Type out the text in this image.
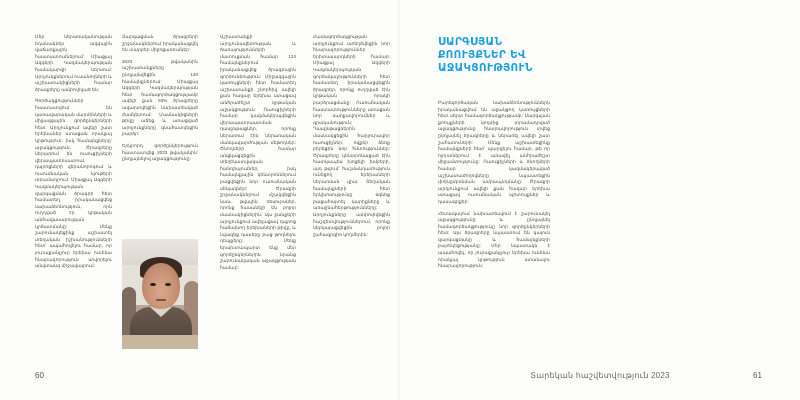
Մեր ներառականության եղանակներ ազգային վաճառքային հաստատումներում՝ Միացյալ Ազգերի Կազմակերպության համակարգի ներսում: Արդյունքներում ուսանողների և աշխատակիցների համար ծրագրերը ամփոփված են:

Գործակցություններ հաստատվում են կառավարական մարմինների և միջազգային գործընկերների հետ: Արդյունքում ավելի շատ երեխաներ ստացան որակյալ կրթություն, իսկ համայնքները՝ աջակցություն: Ծրագրերը ներառում են ուսուցիչների վերապատրաստում, դպրոցների վերանորոգում և ուսումնական նյութերի տրամադրում: Միացյալ Ազգերի Կազմակերպության զարգացման ծրագրի հետ համատեղ իրականացվեց նախաձեռնություն, որն ուղղված էր կրթական անհավասարության կրճատմանը: Մենք շարունակեցինք աշխատել տեղական իշխանությունների հետ՝ ապահովելու համար, որ յուրաքանչյուր երեխա ունենա հնարավորություն սովորելու անվտանգ միջավայրում:

Զարգացման ծրագրերի շրջանակներում իրականացվել են տարբեր միջոցառումներ:

2023 թվականին աշխատանքները ընդլայնվեցին 130 համայնքներում: Միացյալ Ազգերի Կազմակերպության հետ համագործակցությամբ ավելի քան 93% ծրագրերը ավարտվեցին նախատեսված ժամկետում: Մասնակիցների թիվը աճեց, և ստացված արդյունքները գնահատվեցին բարձր:

Երկրորդ գործընկերություն հաստատվեց 2023 թվականին՝ ընդլայնելով աջակցությունը:

Աշխատանքի արդյունավետության և ծառայությունների մատուցման համար 124 համայնքներում իրականացվեց ծրագրային գործունեություն: Միջազգային կառույցների հետ համատեղ աշխատանքի շնորհիվ ավելի քան հազար երեխա ստացավ անհրաժեշտ կրթական աջակցություն: Ուսուցիչների համար կազմակերպվեցին վերապատրաստման դասընթացներ, որոնք ներառում էին ներառական մանկավարժության մեթոդներ: Ծնողների համար անցկացվեցին տեղեկատվական հանդիպումներ, իսկ համայնքային կենտրոններում բացվեցին նոր ուսումնական սենյակներ: Ծրագրի շրջանակներում մշակվեցին նաև թվային ռեսուրսներ, որոնք հասանելի են բոլոր մասնակիցներին: Այս ջանքերի արդյունքում ավելացավ դպրոց հաճախող երեխաների թիվը, և նվազեց դասերը բաց թողնելու դեպքերը: Մենք երախտապարտ ենք մեր գործընկերներին նրանց շարունակական աջակցության համար:

Համագործակցության արդյունքում ստեղծվեցին նոր հնարավորություններ երիտասարդների համար: Միացյալ Ազգերի Կազմակերպության գործակալությունների հետ համատեղ իրականացվեցին ծրագրեր, որոնք ուղղված էին կրթական որակի բարձրացմանը: Ուսումնական հաստատությունները ստացան նոր սարքավորումներ և գրականություն: Դասընթացներին մասնակցեցին հարյուրավոր ուսուցիչներ, ովքեր ձեռք բերեցին նոր հմտություններ: Ծրագրերը կենտրոնացած էին հատկապես խոցելի խմբերի, այդ թվում՝ հաշմանդամություն ունեցող երեխաների ներառման վրա: Տեղական համայնքների հետ երկխոսությունը օգնեց բացահայտել կարիքները և առաջնահերթությունները: Արդյունքները ամփոփվեցին հաշվետվություններում, որոնք ներկայացվեցին բոլոր շահագրգիռ կողմերին:

60
ՍԱՐԳՍՅԱՆ ՔՈՈՒՅՔՆԵՐ ԵՎ ԱՋԱԿՑՈՒԹՅՈՒՆ

Բարեգործական նախաձեռնություններն իրականացվում են աջակցող կառույցների հետ սերտ համագործակցությամբ: Սարգսյան քոույքների կողմից տրամադրված աջակցությունը հնարավորություն տվեց ընդլայնել ծրագրերը և ներառել ավելի շատ շահառուների: Մենք աշխատեցինք համայնքների հետ՝ պարզելու համար, թե որ ոլորտներում է առավել անհրաժեշտ միջամտությունը: Ուսուցիչների և ծնողների համար կազմակերպված աշխատաժողովները նպաստեցին փոխըմբռնման ամրապնդմանը: Ծրագրի արդյունքում ավելի քան հազար երեխա ստացավ ուսումնական պիտույքներ և դասագրքեր:

Հետագայում նախատեսվում է շարունակել աջակցությունը և ընդլայնել համագործակցությունը նոր գործընկերների հետ: Այս ծրագրերը նպաստում են կայուն զարգացմանը և համայնքների բարեկեցությանը: Մեր նպատակն է ապահովել, որ յուրաքանչյուր երեխա ունենա որակյալ կրթություն ստանալու հնարավորություն:

Տարեկան հաշվետվություն 2023	61
